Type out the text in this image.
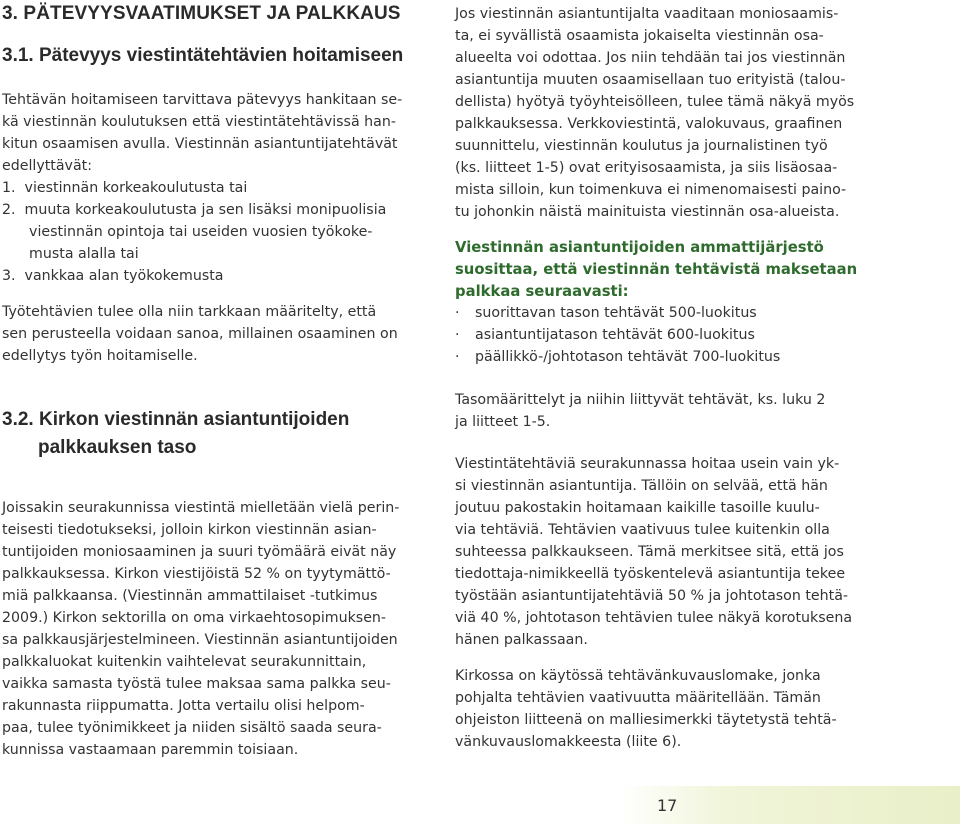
3. PÄTEVYYSVAATIMUKSET JA PALKKAUS
3.1. Pätevyys viestintätehtävien hoitamiseen
Tehtävän hoitamiseen tarvittava pätevyys hankitaan se-
kä viestinnän koulutuksen että viestintätehtävissä han-
kitun osaamisen avulla. Viestinnän asiantuntijatehtävät
edellyttävät:
1.  viestinnän korkeakoulutusta tai
2.  muuta korkeakoulutusta ja sen lisäksi monipuolisia
viestinnän opintoja tai useiden vuosien työkoke-
musta alalla tai
3.  vankkaa alan työkokemusta
Työtehtävien tulee olla niin tarkkaan määritelty, että
sen perusteella voidaan sanoa, millainen osaaminen on
edellytys työn hoitamiselle.
3.2. Kirkon viestinnän asiantuntijoiden
palkkauksen taso
Joissakin seurakunnissa viestintä mielletään vielä perin-
teisesti tiedotukseksi, jolloin kirkon viestinnän asian-
tuntijoiden moniosaaminen ja suuri työmäärä eivät näy
palkkauksessa. Kirkon viestijöistä 52 % on tyytymättö-
miä palkkaansa. (Viestinnän ammattilaiset -tutkimus
2009.) Kirkon sektorilla on oma virkaehtosopimuksen-
sa palkkausjärjestelmineen. Viestinnän asiantuntijoiden
palkkaluokat kuitenkin vaihtelevat seurakunnittain,
vaikka samasta työstä tulee maksaa sama palkka seu-
rakunnasta riippumatta. Jotta vertailu olisi helpom-
paa, tulee työnimikkeet ja niiden sisältö saada seura-
kunnissa vastaamaan paremmin toisiaan.
Jos viestinnän asiantuntijalta vaaditaan moniosaamis-
ta, ei syvällistä osaamista jokaiselta viestinnän osa-
alueelta voi odottaa. Jos niin tehdään tai jos viestinnän
asiantuntija muuten osaamisellaan tuo erityistä (talou-
dellista) hyötyä työyhteisölleen, tulee tämä näkyä myös
palkkauksessa. Verkkoviestintä, valokuvaus, graafinen
suunnittelu, viestinnän koulutus ja journalistinen työ
(ks. liitteet 1-5) ovat erityisosaamista, ja siis lisäosaa-
mista silloin, kun toimenkuva ei nimenomaisesti paino-
tu johonkin näistä mainituista viestinnän osa-alueista.
Viestinnän asiantuntijoiden ammattijärjestö
suosittaa, että viestinnän tehtävistä maksetaan
palkkaa seuraavasti:
· suorittavan tason tehtävät 500-luokitus
· asiantuntijatason tehtävät 600-luokitus
· päällikkö-/johtotason tehtävät 700-luokitus
Tasomäärittelyt ja niihin liittyvät tehtävät, ks. luku 2
ja liitteet 1-5.
Viestintätehtäviä seurakunnassa hoitaa usein vain yk-
si viestinnän asiantuntija. Tällöin on selvää, että hän
joutuu pakostakin hoitamaan kaikille tasoille kuulu-
via tehtäviä. Tehtävien vaativuus tulee kuitenkin olla
suhteessa palkkaukseen. Tämä merkitsee sitä, että jos
tiedottaja-nimikkeellä työskentelevä asiantuntija tekee
työstään asiantuntijatehtäviä 50 % ja johtotason tehtä-
viä 40 %, johtotason tehtävien tulee näkyä korotuksena
hänen palkassaan.
Kirkossa on käytössä tehtävänkuvauslomake, jonka
pohjalta tehtävien vaativuutta määritellään. Tämän
ohjeiston liitteenä on malliesimerkki täytetystä tehtä-
vänkuvauslomakkeesta (liite 6).
17
